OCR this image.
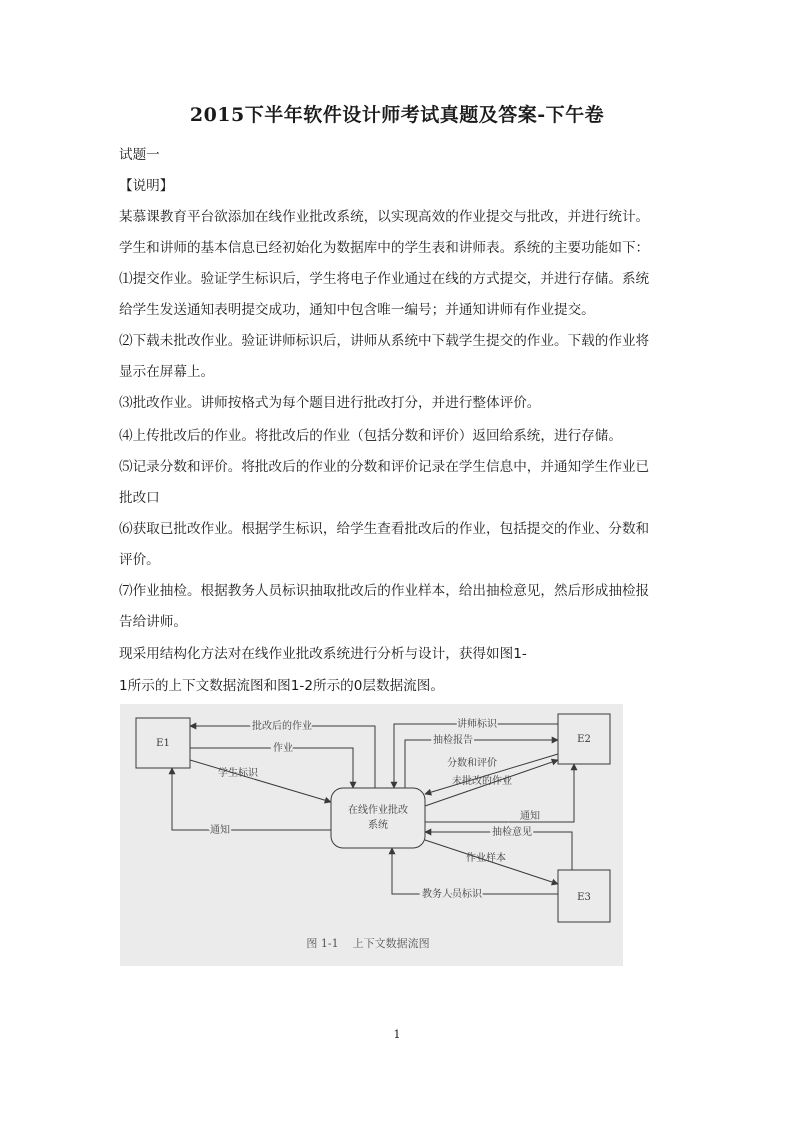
2015下半年软件设计师考试真题及答案-下午卷
试题一
【说明】
某慕课教育平台欲添加在线作业批改系统，以实现高效的作业提交与批改，并进行统计。
学生和讲师的基本信息已经初始化为数据库中的学生表和讲师表。系统的主要功能如下：
⑴提交作业。验证学生标识后，学生将电子作业通过在线的方式提交，并进行存储。系统
给学生发送通知表明提交成功，通知中包含唯一编号；并通知讲师有作业提交。
⑵下载未批改作业。验证讲师标识后，讲师从系统中下载学生提交的作业。下载的作业将
显示在屏幕上。
⑶批改作业。讲师按格式为每个题目进行批改打分，并进行整体评价。
⑷上传批改后的作业。将批改后的作业（包括分数和评价）返回给系统，进行存储。
⑸记录分数和评价。将批改后的作业的分数和评价记录在学生信息中，并通知学生作业已
批改口
⑹获取已批改作业。根据学生标识，给学生查看批改后的作业，包括提交的作业、分数和
评价。
⑺作业抽检。根据教务人员标识抽取批改后的作业样本，给出抽检意见，然后形成抽检报
告给讲师。
现采用结构化方法对在线作业批改系统进行分析与设计，获得如图1-
1所示的上下文数据流图和图1-2所示的0层数据流图。
E1	E2
E3
在线作业批改
系统
批改后的作业
作业
学生标识
通知
讲师标识
抽检报告
分数和评价
未批改的作业
通知
抽检意见
作业样本
教务人员标识
图 1-1    上下文数据流图
1
